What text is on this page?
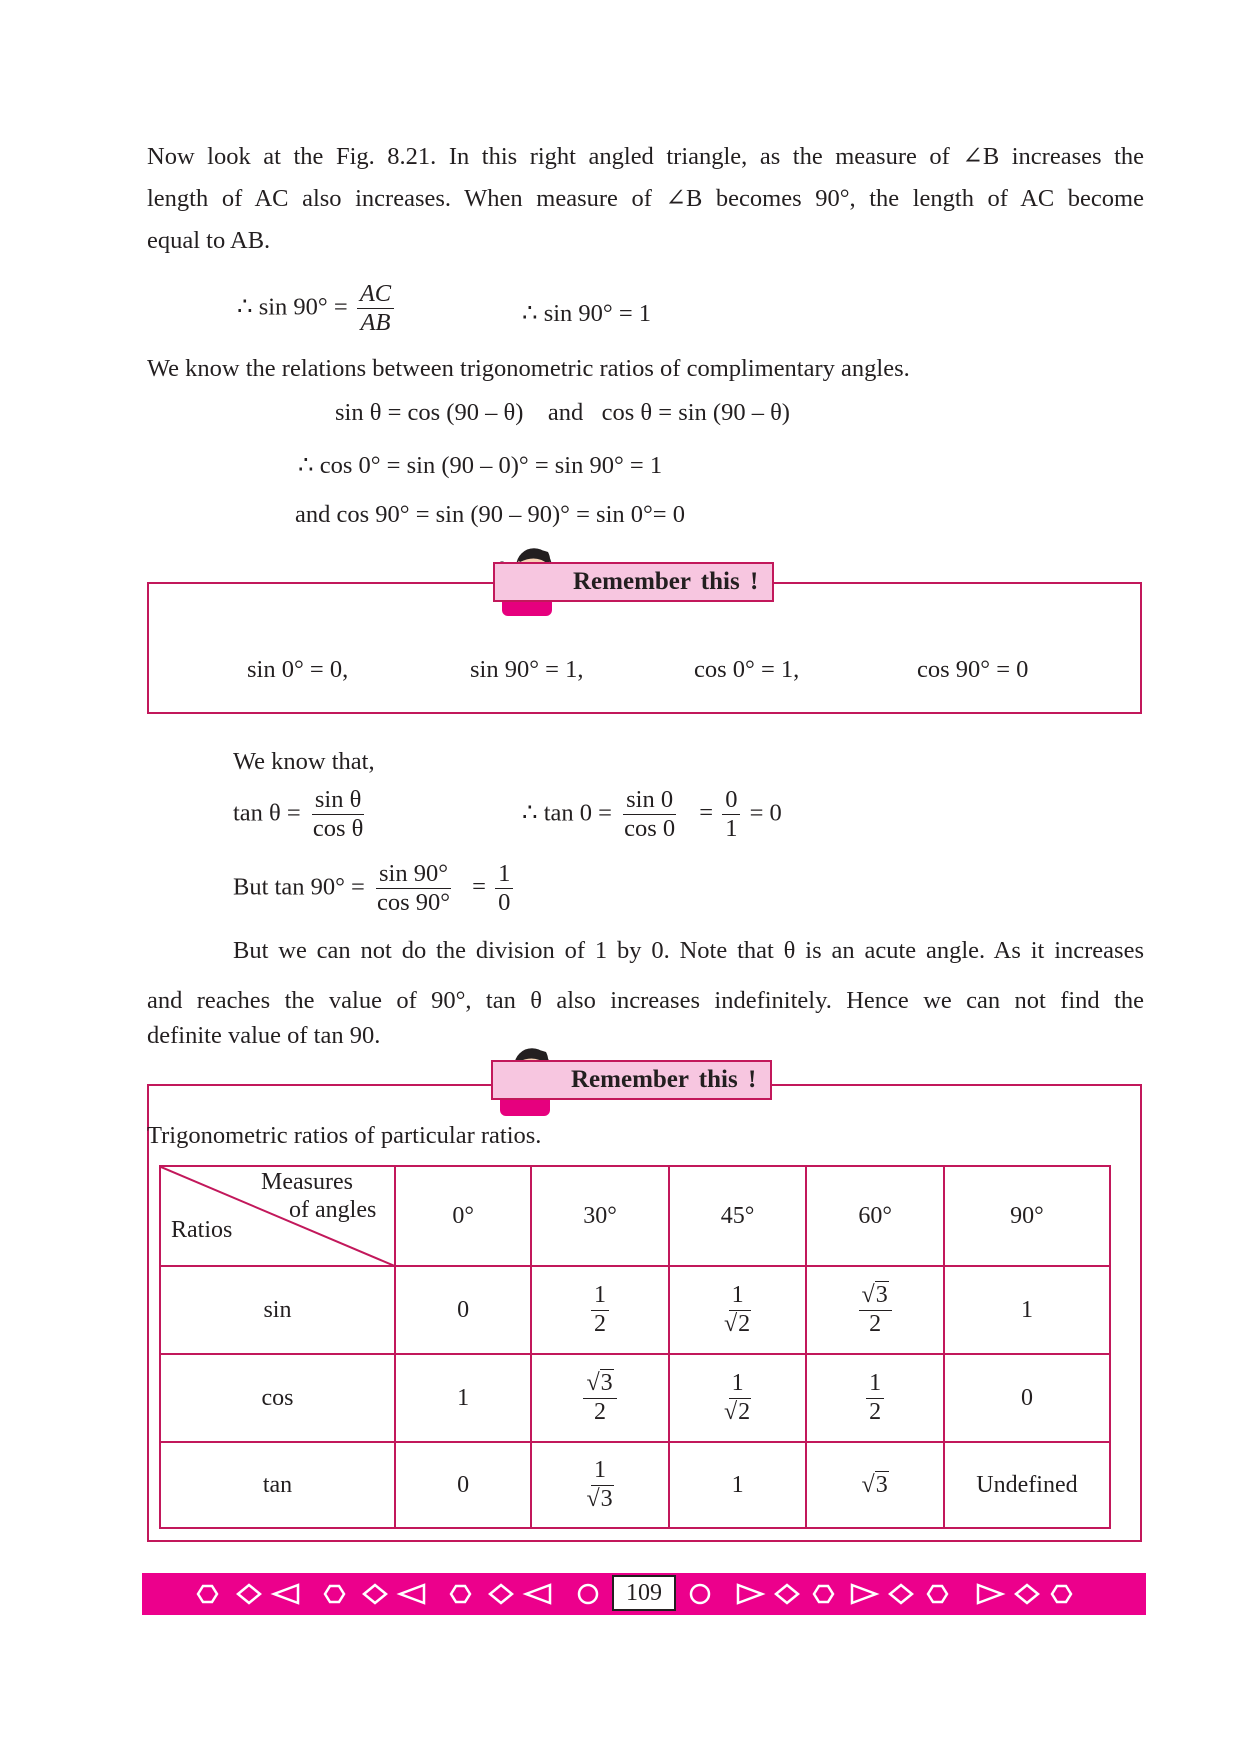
Now look at the Fig. 8.21. In this right angled triangle, as the measure of ∠B increases the

length of AC also increases. When measure of ∠B becomes 90°, the length of AC become

equal to AB.

∴ $\sin 90^\circ = \frac{AC}{AB}$	∴ sin 90° = 1
We know the relations between trigonometric ratios of complimentary angles.
sin θ = cos (90 – θ)    and   cos θ = sin (90 – θ)
∴ cos 0° = sin (90 – 0)° = sin 90° = 1
and cos 90° = sin (90 – 90)° = sin 0°= 0
Remember this !
sin 0° = 0,	sin 90° = 1,	cos 0° = 1,	cos 90° = 0
We know that,
$\tan \theta = \frac{\text{sin θ}}{\text{cos θ}}$	∴ $\tan 0 = \frac{\sin 0}{\cos 0} = \frac{0}{1} = 0$
But $\tan 90^\circ = \frac{\sin 90^\circ}{\cos 90^\circ} = \frac{1}{0}$

But we can not do the division of 1 by 0. Note that θ is an acute angle. As it increases

and reaches the value of 90°, tan θ also increases indefinitely. Hence we can not find the

definite value of tan 90.

Remember this !
Trigonometric ratios of particular ratios.
Measures
of angles
Ratios	0°	30°	45°	60°	90°
sin	0	$\frac{1}{2}$	$\frac{1}{√2}$	$\frac{√3}{2}$	1
cos	1	$\frac{√3}{2}$	$\frac{1}{√2}$	$\frac{1}{2}$	0
tan	0	$\frac{1}{√3}$	1	√3	Undefined
109
